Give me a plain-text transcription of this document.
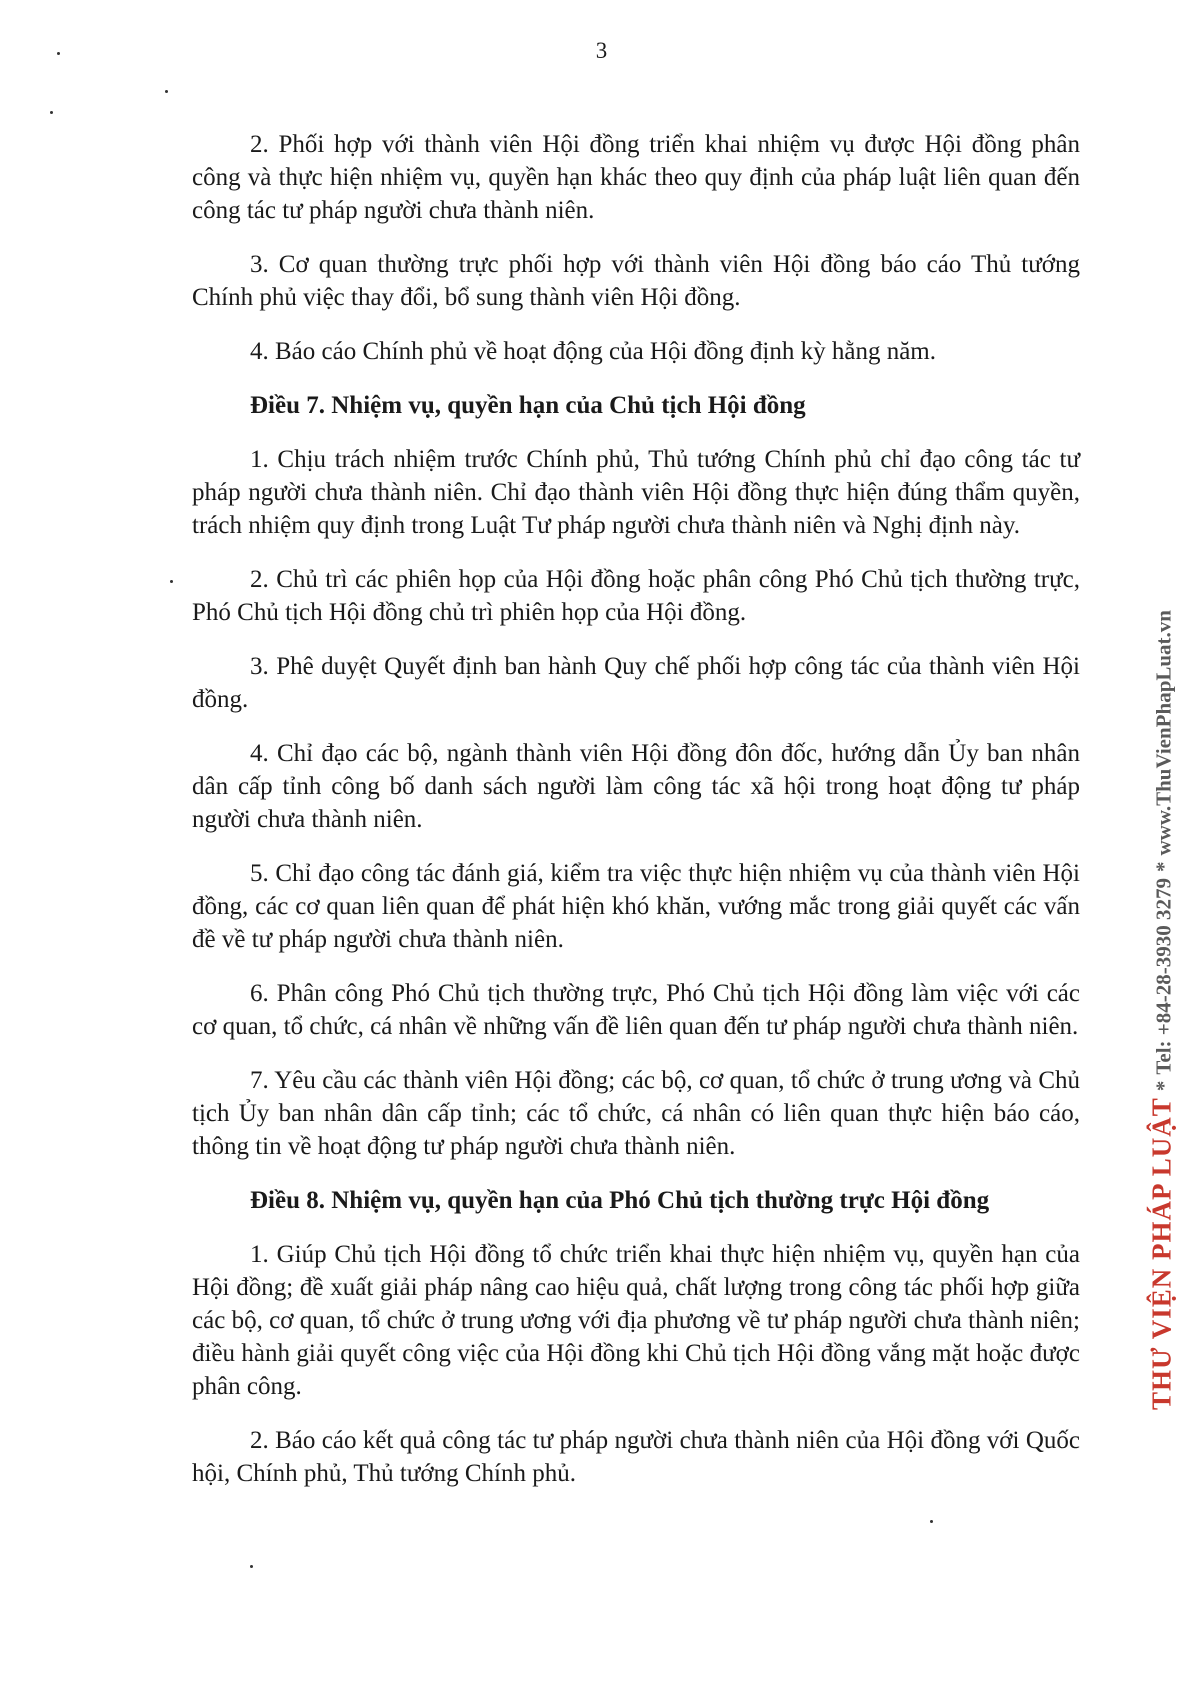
3

2. Phối hợp với thành viên Hội đồng triển khai nhiệm vụ được Hội đồng phân công và thực hiện nhiệm vụ, quyền hạn khác theo quy định của pháp luật liên quan đến công tác tư pháp người chưa thành niên.

3. Cơ quan thường trực phối hợp với thành viên Hội đồng báo cáo Thủ tướng Chính phủ việc thay đổi, bổ sung thành viên Hội đồng.

4. Báo cáo Chính phủ về hoạt động của Hội đồng định kỳ hằng năm.

Điều 7. Nhiệm vụ, quyền hạn của Chủ tịch Hội đồng

1. Chịu trách nhiệm trước Chính phủ, Thủ tướng Chính phủ chỉ đạo công tác tư pháp người chưa thành niên. Chỉ đạo thành viên Hội đồng thực hiện đúng thẩm quyền, trách nhiệm quy định trong Luật Tư pháp người chưa thành niên và Nghị định này.

2. Chủ trì các phiên họp của Hội đồng hoặc phân công Phó Chủ tịch thường trực, Phó Chủ tịch Hội đồng chủ trì phiên họp của Hội đồng.

3. Phê duyệt Quyết định ban hành Quy chế phối hợp công tác của thành viên Hội đồng.

4. Chỉ đạo các bộ, ngành thành viên Hội đồng đôn đốc, hướng dẫn Ủy ban nhân dân cấp tỉnh công bố danh sách người làm công tác xã hội trong hoạt động tư pháp người chưa thành niên.

5. Chỉ đạo công tác đánh giá, kiểm tra việc thực hiện nhiệm vụ của thành viên Hội đồng, các cơ quan liên quan để phát hiện khó khăn, vướng mắc trong giải quyết các vấn đề về tư pháp người chưa thành niên.

6. Phân công Phó Chủ tịch thường trực, Phó Chủ tịch Hội đồng làm việc với các cơ quan, tổ chức, cá nhân về những vấn đề liên quan đến tư pháp người chưa thành niên.

7. Yêu cầu các thành viên Hội đồng; các bộ, cơ quan, tổ chức ở trung ương và Chủ tịch Ủy ban nhân dân cấp tỉnh; các tổ chức, cá nhân có liên quan thực hiện báo cáo, thông tin về hoạt động tư pháp người chưa thành niên.

Điều 8. Nhiệm vụ, quyền hạn của Phó Chủ tịch thường trực Hội đồng

1. Giúp Chủ tịch Hội đồng tổ chức triển khai thực hiện nhiệm vụ, quyền hạn của Hội đồng; đề xuất giải pháp nâng cao hiệu quả, chất lượng trong công tác phối hợp giữa các bộ, cơ quan, tổ chức ở trung ương với địa phương về tư pháp người chưa thành niên; điều hành giải quyết công việc của Hội đồng khi Chủ tịch Hội đồng vắng mặt hoặc được phân công.

2. Báo cáo kết quả công tác tư pháp người chưa thành niên của Hội đồng với Quốc hội, Chính phủ, Thủ tướng Chính phủ.

THƯ VIỆN PHÁP LUẬT * Tel: +84-28-3930 3279 * www.ThuVienPhapLuat.vn
